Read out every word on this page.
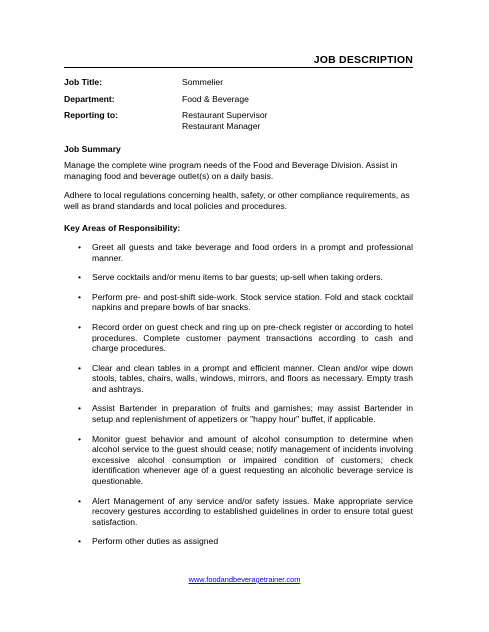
JOB DESCRIPTION
Job Title:	Sommelier
Department:	Food & Beverage
Reporting to:	Restaurant Supervisor
Restaurant Manager
Job Summary

Manage the complete wine program needs of the Food and Beverage Division. Assist in managing food and beverage outlet(s) on a daily basis.

Adhere to local regulations concerning health, safety, or other compliance requirements, as well as brand standards and local policies and procedures.

Key Areas of Responsibility:
• Greet all guests and take beverage and food orders in a prompt and professional manner.
• Serve cocktails and/or menu items to bar guests; up-sell when taking orders.
• Perform pre- and post-shift side-work. Stock service station. Fold and stack cocktail napkins and prepare bowls of bar snacks.
• Record order on guest check and ring up on pre-check register or according to hotel procedures. Complete customer payment transactions according to cash and charge procedures.
• Clear and clean tables in a prompt and efficient manner. Clean and/or wipe down stools, tables, chairs, walls, windows, mirrors, and floors as necessary. Empty trash and ashtrays.
• Assist Bartender in preparation of fruits and garnishes; may assist Bartender in setup and replenishment of appetizers or "happy hour" buffet, if applicable.
• Monitor guest behavior and amount of alcohol consumption to determine when alcohol service to the guest should cease; notify management of incidents involving excessive alcohol consumption or impaired condition of customers; check identification whenever age of a guest requesting an alcoholic beverage service is questionable.
• Alert Management of any service and/or safety issues. Make appropriate service recovery gestures according to established guidelines in order to ensure total guest satisfaction.
• Perform other duties as assigned
www.foodandbeveragetrainer.com
